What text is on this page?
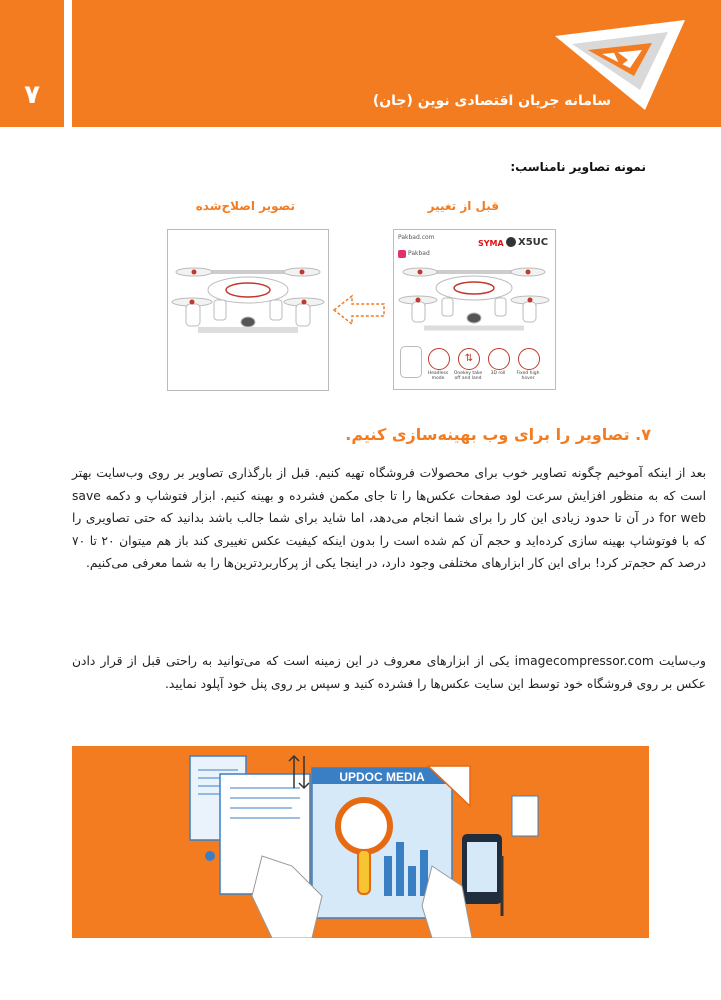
۷	سامانه جریان اقتصادی نوین (جان)
نمونه تصاویر نامناسب:
قبل از تغییر
تصویر اصلاح‌شده
Pakbad.com
Pakbad
SYMA X5UC
⇅
Headless mode
Onekey take off and land
3D roll	Fixed high hover
۷. تصاویر را برای وب بهینه‌سازی کنیم.
بعد از اینکه آموخیم چگونه تصاویر خوب برای محصولات فروشگاه تهیه کنیم. قبل از بارگذاری تصاویر بر روی وب‌سایت بهتر است که به منظور افزایش سرعت لود صفحات عکس‌ها را تا جای مکمن فشرده و بهینه کنیم. ابزار فتوشاپ و دکمه save for web در آن تا حدود زیادی این کار را برای شما انجام می‌دهد، اما شاید برای شما جالب باشد بدانید که حتی تصاویری را که با فوتوشاپ بهینه سازی کرده‌اید و حجم آن کم شده است را بدون اینکه کیفیت عکس تغییری کند باز هم میتوان ۲۰ تا ۷۰ درصد کم حجم‌تر کرد! برای این کار ابزارهای مختلفی وجود دارد، در اینجا یکی از پرکاربردترین‌ها را به شما معرفی می‌کنیم.
وب‌سایت imagecompressor.com یکی از ابزارهای معروف در این زمینه است که می‌توانید به راحتی قبل از قرار دادن عکس بر روی فروشگاه خود توسط این سایت عکس‌ها را فشرده کنید و سپس بر روی پنل خود آپلود نمایید.
UPDOC MEDIA
